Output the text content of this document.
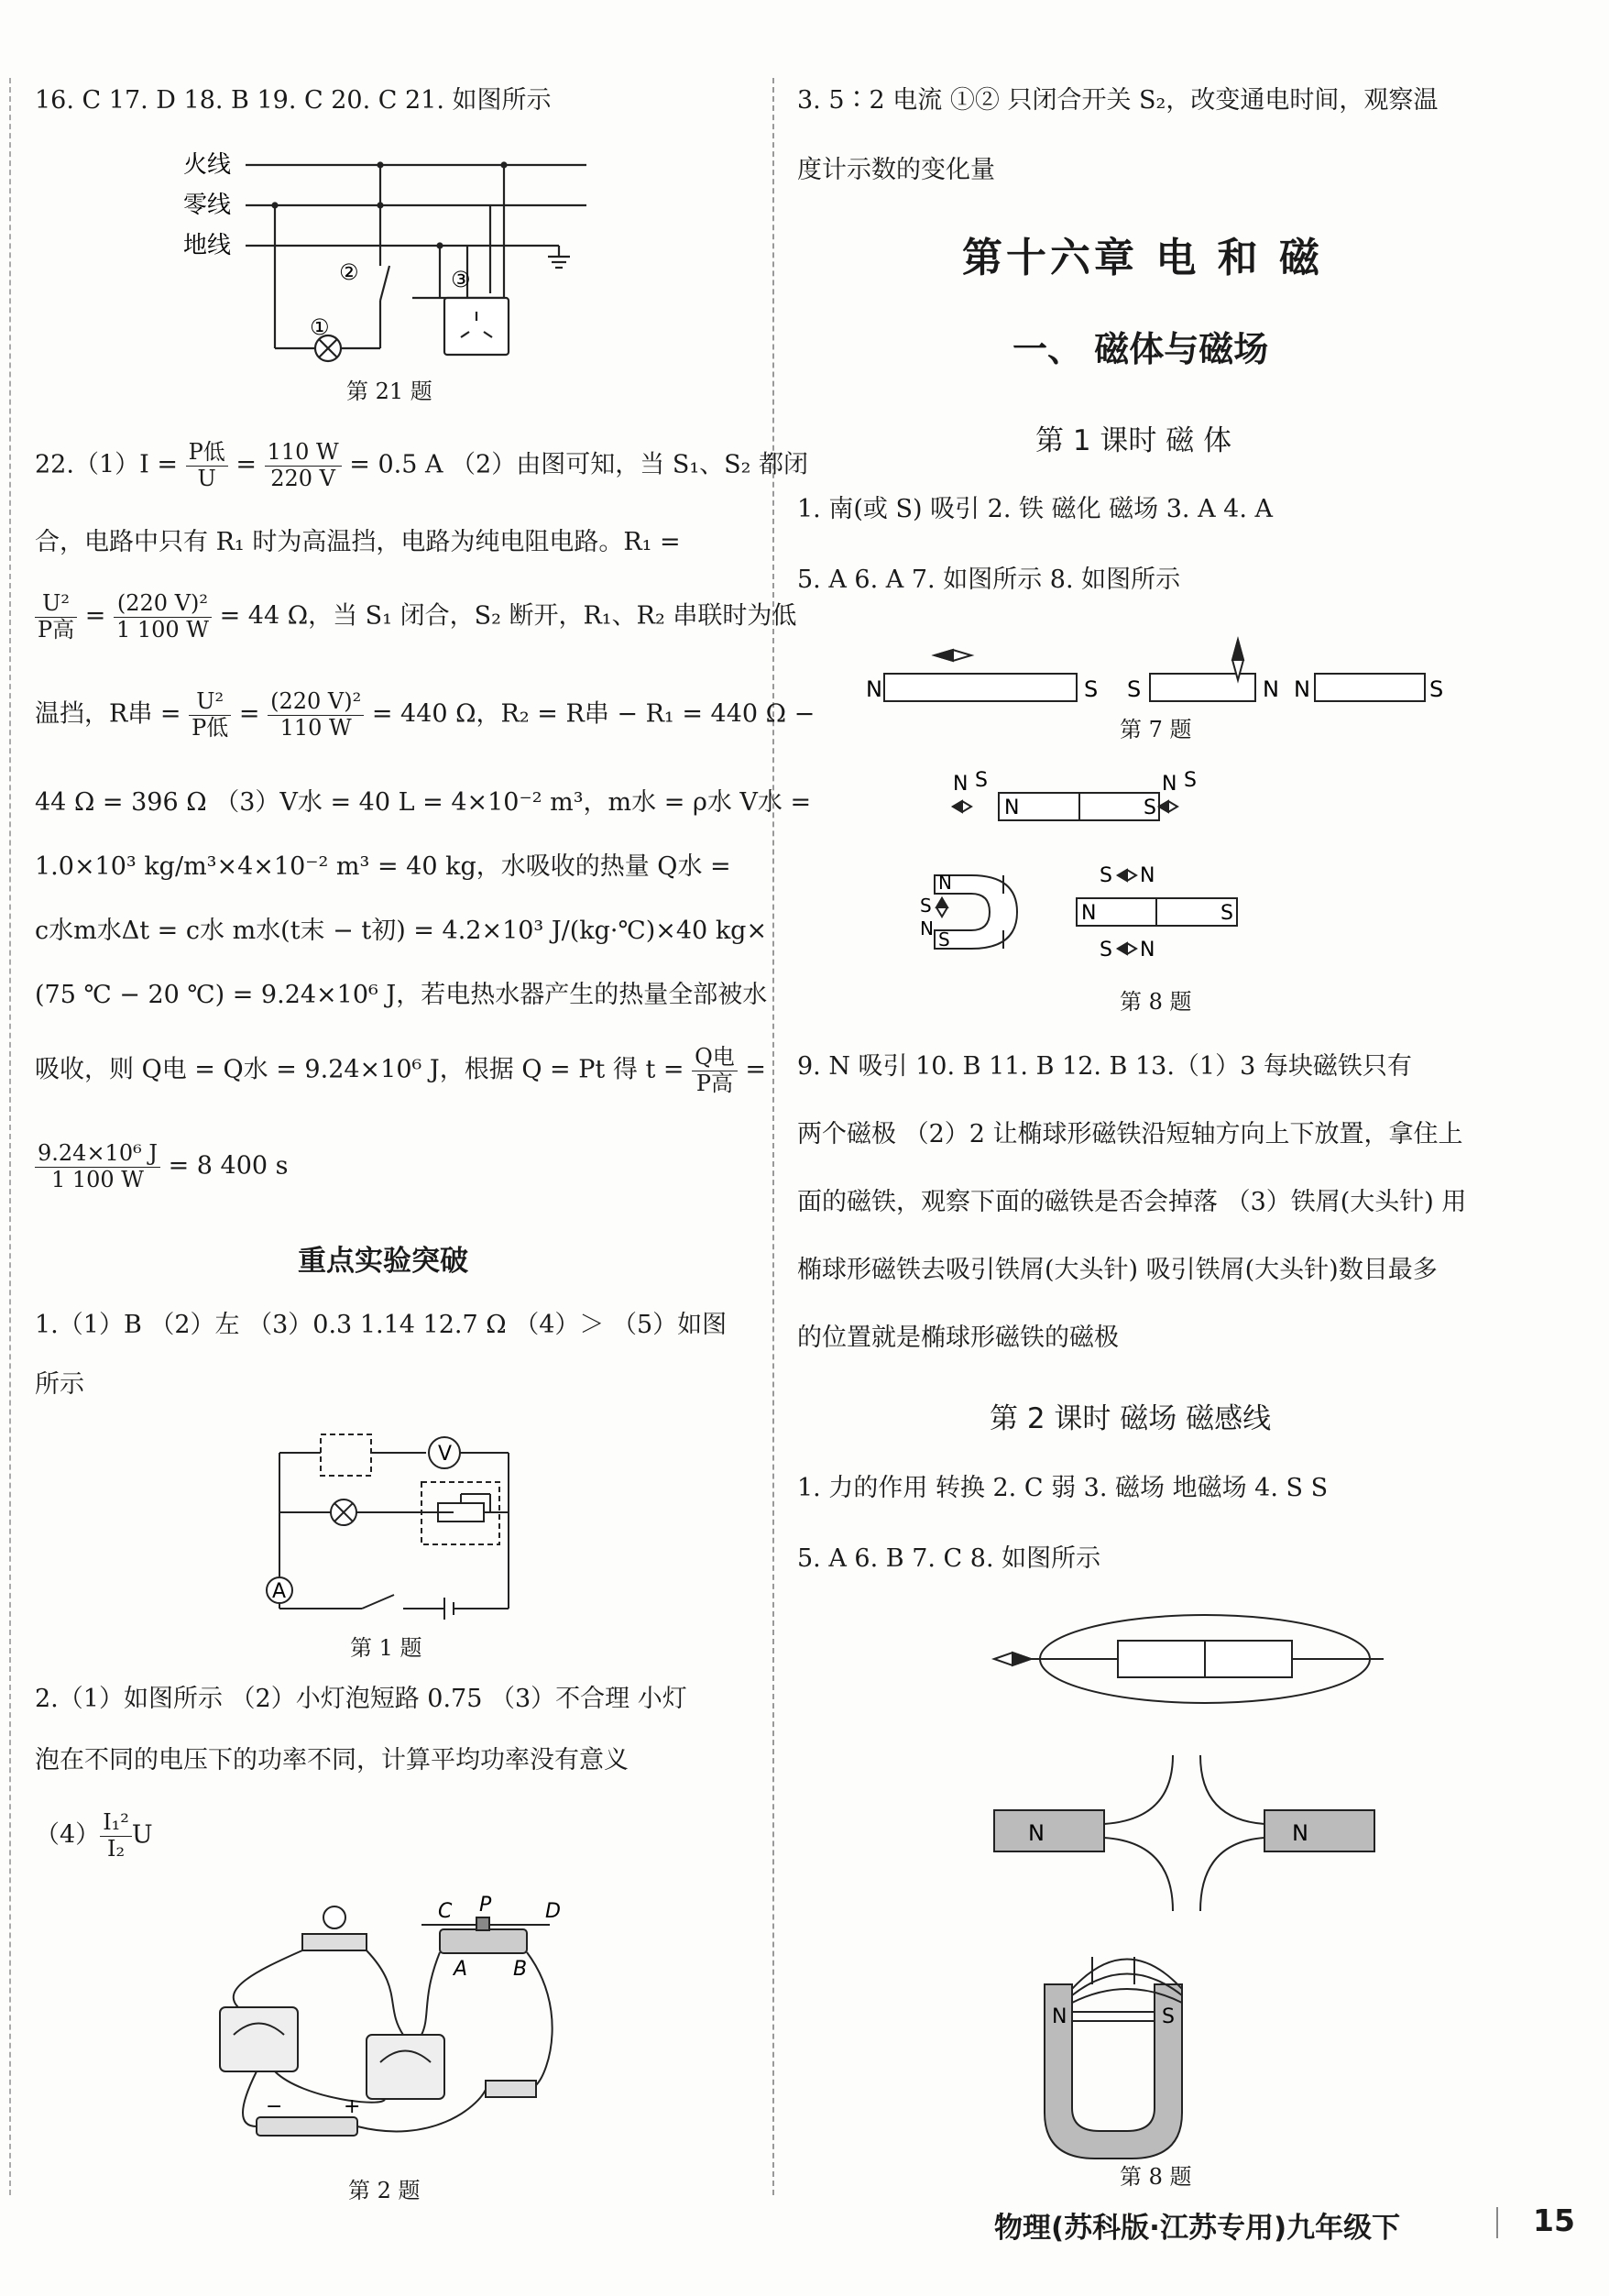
16. C 17. D 18. B 19. C 20. C 21. 如图所示
火线
零线
地线
①
②	③
第 21 题
$22.(1)I = \frac{\text{P低}}{U} = \frac{110 W}{220 V} = 0.5$ A （2）由图可知，当 S₁、S₂ 都闭
合，电路中只有 R₁ 时为高温挡，电路为纯电阻电路。R₁ =
$\frac{\text{U²}}{\text{P高}} = \frac{\text{(220 V)²}}{1 100 W} = 44$ Ω，当 S₁ 闭合，S₂ 断开，R₁、R₂ 串联时为低
温挡，R串 = $\frac{\text{U²}}{\text{P低}} = \frac{\text{(220 V)²}}{110 W} = 440$ Ω，R₂ = R串 − R₁ = 440 Ω −
44 Ω = 396 Ω （3）V水 = 40 L = 4×10⁻² m³，m水 = ρ水 V水 =
1.0×10³ kg/m³×4×10⁻² m³ = 40 kg，水吸收的热量 Q水 =
c水m水Δt = c水 m水(t末 − t初) = 4.2×10³ J/(kg·℃)×40 kg×
(75 ℃ − 20 ℃) = 9.24×10⁶ J，若电热水器产生的热量全部被水
吸收，则 Q电 = Q水 = 9.24×10⁶ J，根据 Q = Pt 得 $t = \frac{\text{Q电}}{\text{P高}}$ =
$\frac{\text{9.24×10⁶ J}}{1 100 W} = 8$ 400 s
重点实验突破
1.（1）B （2）左 （3）0.3 1.14 12.7 Ω （4）＞ （5）如图
所示
V
A
第 1 题
2.（1）如图所示 （2）小灯泡短路 0.75 （3）不合理 小灯
泡在不同的电压下的功率不同，计算平均功率没有意义
$(4) \frac{\text{I₁²}}{\text{I₂}}$ U
C P	D
A B
−	+
第 2 题
3. 5∶2 电流 ①② 只闭合开关 S₂，改变通电时间，观察温
度计示数的变化量
第十六章 电 和 磁
一、 磁体与磁场
第 1 课时 磁 体
1. 南(或 S) 吸引 2. 铁 磁化 磁场 3. A 4. A
5. A 6. A 7. 如图所示 8. 如图所示
N	S S	N N	S
第 7 题
N S
N	S
N S
N
S
S
N
N	S
S N
S N
第 8 题
9. N 吸引 10. B 11. B 12. B 13.（1）3 每块磁铁只有
两个磁极 （2）2 让椭球形磁铁沿短轴方向上下放置，拿住上
面的磁铁，观察下面的磁铁是否会掉落 （3）铁屑(大头针) 用
椭球形磁铁去吸引铁屑(大头针) 吸引铁屑(大头针)数目最多
的位置就是椭球形磁铁的磁极
第 2 课时 磁场 磁感线
1. 力的作用 转换 2. C 弱 3. 磁场 地磁场 4. S S
5. A 6. B 7. C 8. 如图所示
N	N
N	S
第 8 题
物理(苏科版·江苏专用)九年级下	15
